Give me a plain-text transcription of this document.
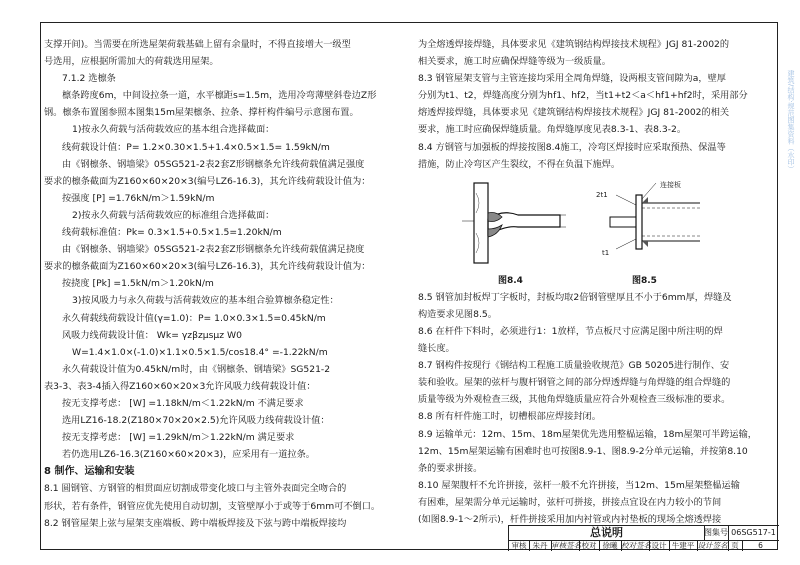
支撑开间)。当需要在所选屋架荷载基础上留有余量时，不得直接增大一级型
号选用，应根据所需加大的荷载选用屋架。
7.1.2 选檩条
檩条跨度6m，中间设拉条一道，水平檩距s=1.5m，选用冷弯薄壁斜卷边Z形
钢。檩条布置图参照本图集15m屋架檩条、拉条、撑杆构件编号示意图布置。
1)按永久荷载与活荷载效应的基本组合选择截面：
线荷载设计值：P= 1.2×0.30×1.5+1.4×0.5×1.5= 1.59kN/m
由《钢檩条、钢墙梁》05SG521-2表2套Z形钢檩条允许线荷载值满足强度
要求的檩条截面为Z160×60×20×3(编号LZ6-16.3)，其允许线荷载设计值为：
按强度 [P] =1.76kN/m＞1.59kN/m
2)按永久荷载与活荷载效应的标准组合选择截面：
线荷载标准值：Pk= 0.3×1.5+0.5×1.5=1.20kN/m
由《钢檩条、钢墙梁》05SG521-2表2套Z形钢檩条允许线荷载值满足挠度
要求的檩条截面为Z160×60×20×3(编号LZ6-16.3)，其允许线荷载设计值为：
按挠度 [Pk] =1.5kN/m＞1.20kN/m
3)按风吸力与永久荷载与活荷载效应的基本组合验算檩条稳定性：
永久荷载线荷载设计值(γ=1.0)：P= 1.0×0.3×1.5=0.45kN/m
风吸力线荷载设计值： Wk= γzβzμsμz W0
W=1.4×1.0×(-1.0)×1.1×0.5×1.5/cos18.4° =-1.22kN/m
永久荷载设计值为0.45kN/m时，由《钢檩条、钢墙梁》SG521-2
表3-3、表3-4插入得Z160×60×20×3允许风吸力线荷载设计值：
按无支撑考虑： [W] =1.18kN/m＜1.22kN/m 不满足要求
选用LZ16-18.2(Z180×70×20×2.5)允许风吸力线荷载设计值：
按无支撑考虑： [W] =1.29kN/m＞1.22kN/m 满足要求
若仍选用LZ6-16.3(Z160×60×20×3)，应采用有一道拉条。
8 制作、运输和安装
8.1 圆钢管、方钢管的相贯面应切割成带变化坡口与主管外表面完全吻合的
形状，若有条件，钢管应优先使用自动切割，支管壁厚小于或等于6mm可不倒口。
8.2 钢管屋架上弦与屋架支座端板、跨中端板焊接及下弦与跨中端板焊接均
为全熔透焊接焊缝，具体要求见《建筑钢结构焊接技术规程》JGJ 81-2002的
相关要求，施工时应确保焊缝等级为一级质量。
8.3 钢管屋架支管与主管连接均采用全周角焊缝，设两根支管间隙为a，壁厚
分别为t1、t2，焊缝高度分别为hf1、hf2，当t1+t2＜a＜hf1+hf2时，采用部分
熔透焊接焊缝，具体要求见《建筑钢结构焊接技术规程》JGJ 81-2002的相关
要求，施工时应确保焊缝质量。角焊缝厚度见表8.3-1、表8.3-2。
8.4 方钢管与加强板的焊接按图8.4施工，冷弯区焊接时应采取预热、保温等
措施，防止冷弯区产生裂纹，不得在负温下施焊。
图8.4
2t1
t1
连接板
图8.5
8.5 钢管加封板焊丁字板时，封板均取2倍钢管壁厚且不小于6mm厚，焊缝及
构造要求见图8.5。
8.6 在杆件下料时，必须进行1：1放样，节点板尺寸应满足图中所注明的焊
缝长度。
8.7 钢构件按现行《钢结构工程施工质量验收规范》GB 50205进行制作、安
装和验收。屋架的弦杆与腹杆钢管之间的部分焊透焊缝与角焊缝的组合焊缝的
质量等级为外观检查三级，其他角焊缝质量应符合外观检查三级标准的要求。
8.8 所有杆件施工时，切槽根部应焊接封闭。
8.9 运输单元：12m、15m、18m屋架优先选用整榀运输，18m屋架可半跨运输，
12m、15m屋架运输有困难时也可按图8.9-1、图8.9-2分单元运输，并按第8.10
条的要求拼接。
8.10 屋架腹杆不允许拼接，弦杆一般不允许拼接，当12m、15m屋架整榀运输
有困难，屋架需分单元运输时，弦杆可拼接，拼接点宜设在内力较小的节间
(如图8.9-1～2所示)，杆件拼接采用加内衬管或内衬垫板的现场全熔透焊接
总说明	图集号 06SG517-1
审核 朱丹 审核签名 校对 徐曦 校对签名 设计 牛建平 设计签名 页	6
建筑/结构·规范图集资料（水印）
